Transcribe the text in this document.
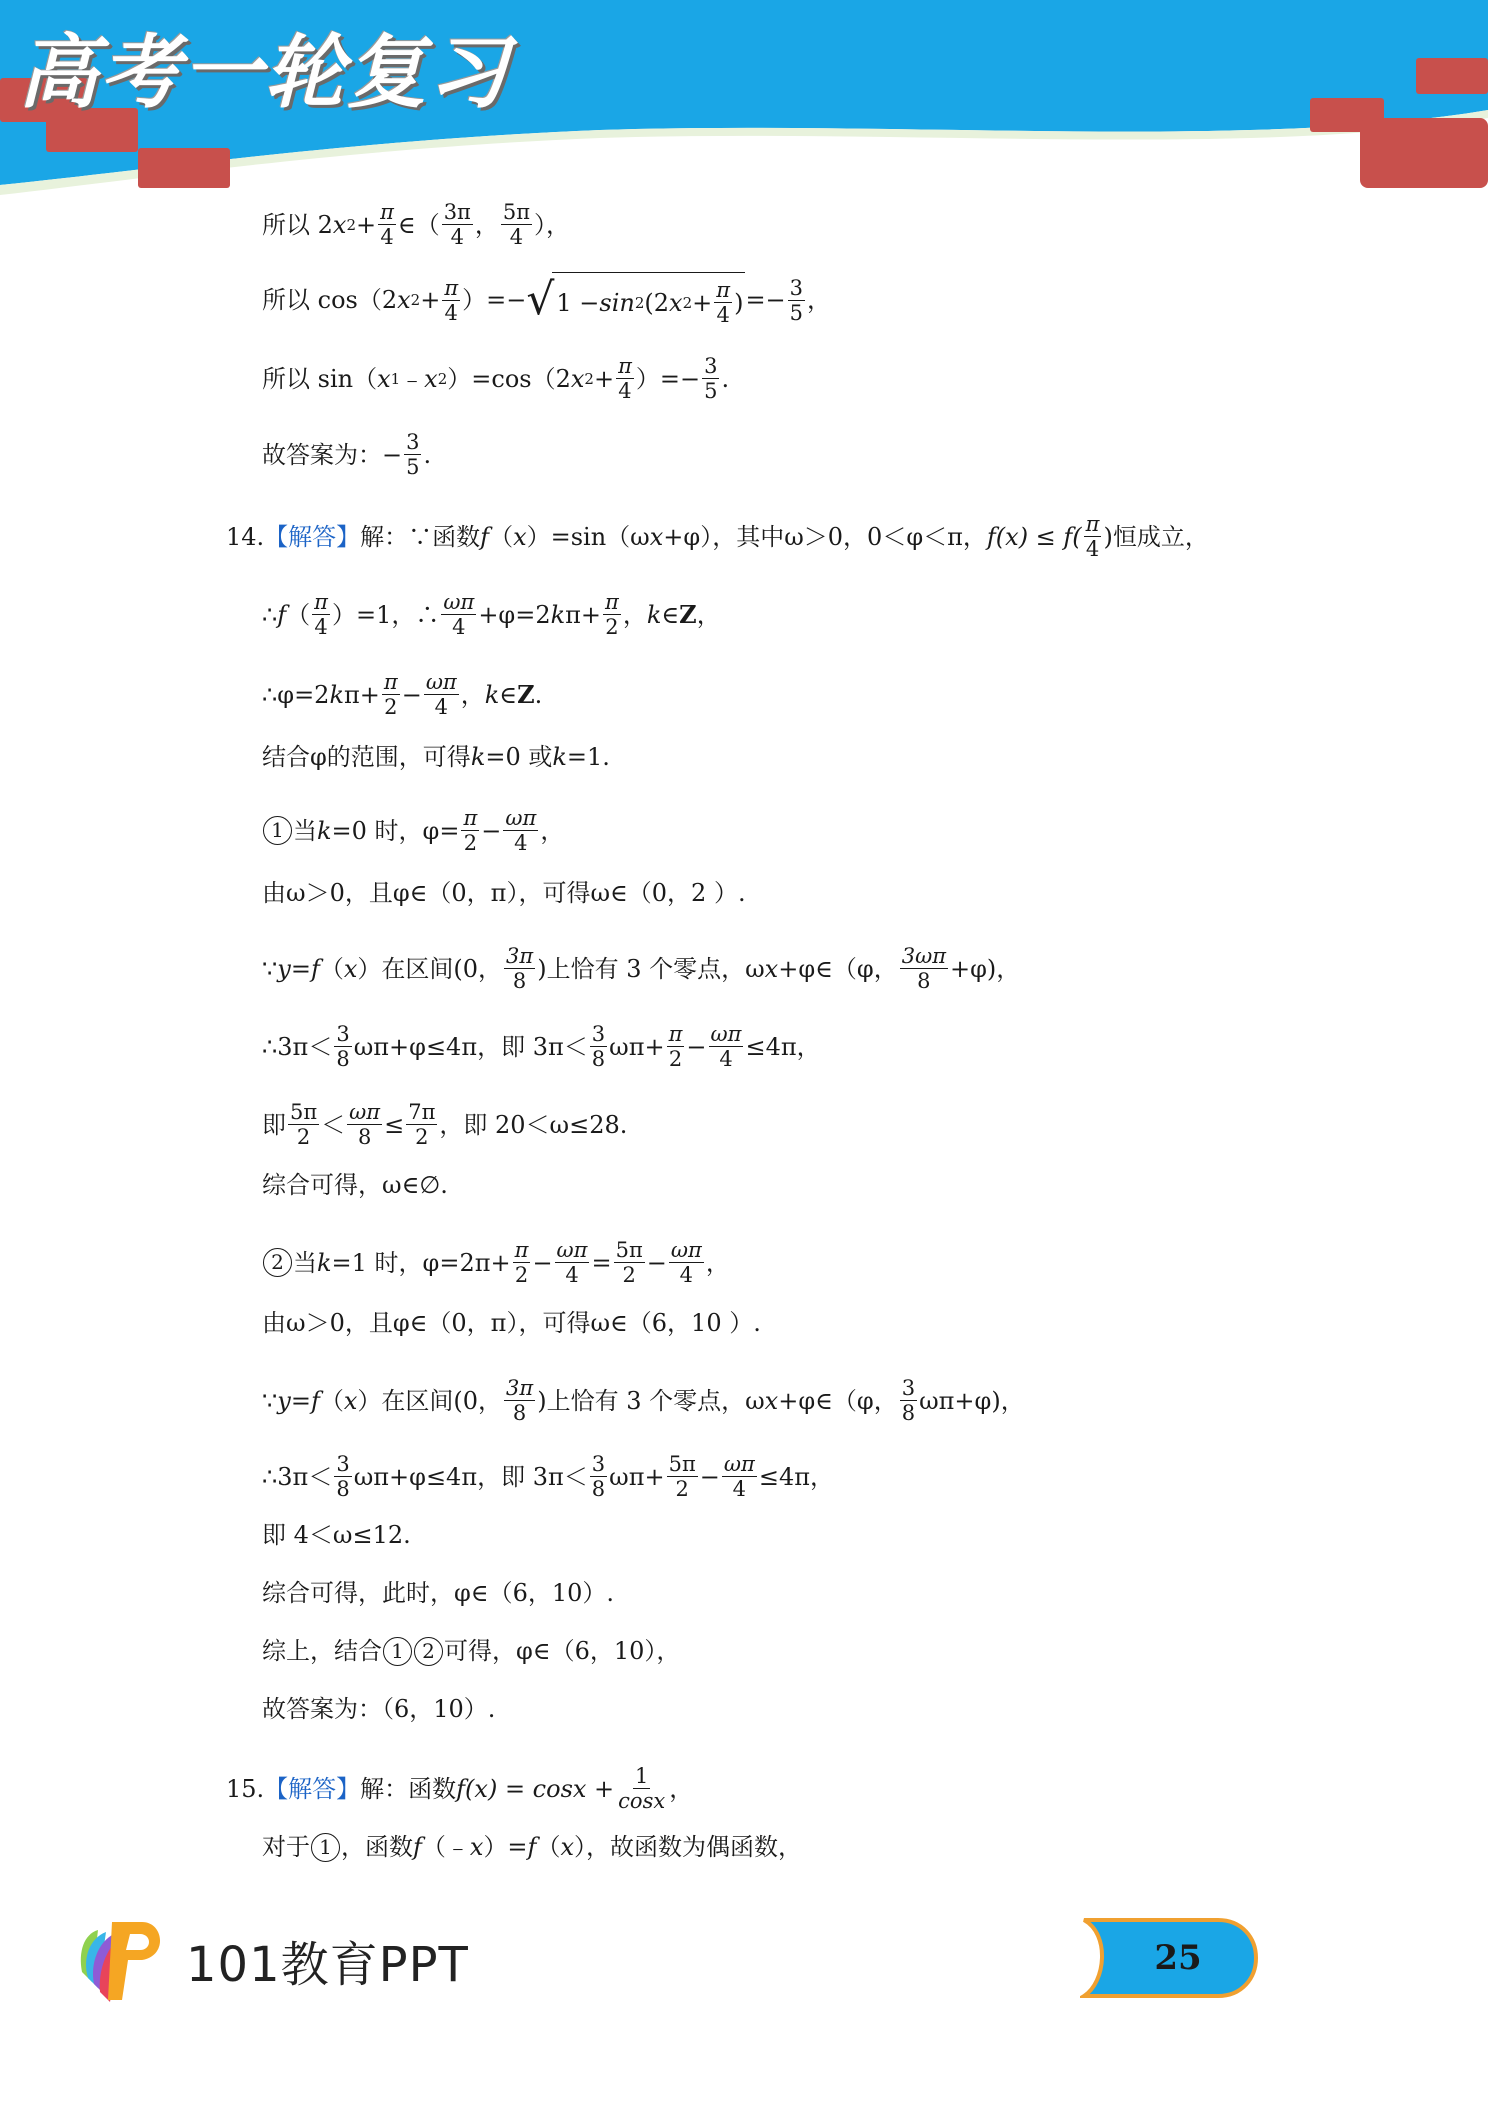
高考一轮复习
所以 2 x $2 + \frac{\pi}{4}$ ∈（ 3π
4 ， 5π
4 ），
所以 cos（2 x $2 + \frac{\pi}{4}$ ）=− √ 1 − sin 2 (2 x $2 + \frac{\pi}{4}$ ) =− $\frac{3}{5}$ ，
所以 sin（ x 1 ﹣ x 2 ）=cos（2 x $2 + \frac{\pi}{4}$ ）=− $\frac{3}{5}$ .
故答案为：− $\frac{3}{5}$ .
14. 【解答】 解：∵函数 f （ x ）=sin（ω x +φ），其中ω＞0，0＜φ＜π， f(x) ≤ f( π
4 ) 恒成立，
∴ f （ π
4 ）=1，∴ ωπ
4 +φ=2 k $\pi+ \frac{\pi}{2}$ ， k ∈ Z ，
∴φ=2 k $\pi+ \frac{\pi}{2} - \frac{\omega\pi}{4}$ ， k ∈ Z .
结合φ的范围，可得 k =0 或 k =1.
1 当 k =0 时，$\varphi= \frac{\pi}{2} - \frac{\omega\pi}{4}$ ，
由ω＞0，且φ∈（0，π），可得ω∈（0，2 ）.
∵ y = f （ x ）在区间(0， 3π
8 )上恰有 3 个零点，ω x +φ∈（φ， 3ωπ
8 +φ)，
∴3π＜ 3
8 ωπ+φ≤4π，即 3π＜ 3
8 $\omega\pi+ \frac{\pi}{2} - \frac{\omega\pi}{4} \le 4\pi$，
即 5π
$2 < \frac{\omega\pi}{8} \le \frac{7\pi}{2}$ ，即 20＜ω≤28.
综合可得，ω∈∅.
2 当 k =1 时，$\varphi=2\pi+ \frac{\pi}{2} - \frac{\omega\pi}{4} = \frac{5\pi}{2} - \frac{\omega\pi}{4}$ ，
由ω＞0，且φ∈（0，π），可得ω∈（6，10 ）.
∵ y = f （ x ）在区间(0， 3π
8 )上恰有 3 个零点，ω x +φ∈（φ， 3
8 ωπ+φ)，
∴3π＜ 3
8 ωπ+φ≤4π，即 3π＜ 3
8 $\omega\pi+ \frac{5\pi}{2} - \frac{\omega\pi}{4} \le 4\pi$，
即 4＜ω≤12.
综合可得，此时，φ∈（6，10）.
综上，结合 1 2 可得，φ∈（6，10），
故答案为：（6，10）.
15. 【解答】 解：函数 $f(x) = \cos x + \frac{1}{\cos x}$ ，
对于 1 ，函数 f （﹣ x ）= f （ x ），故函数为偶函数，
101教育PPT	25
